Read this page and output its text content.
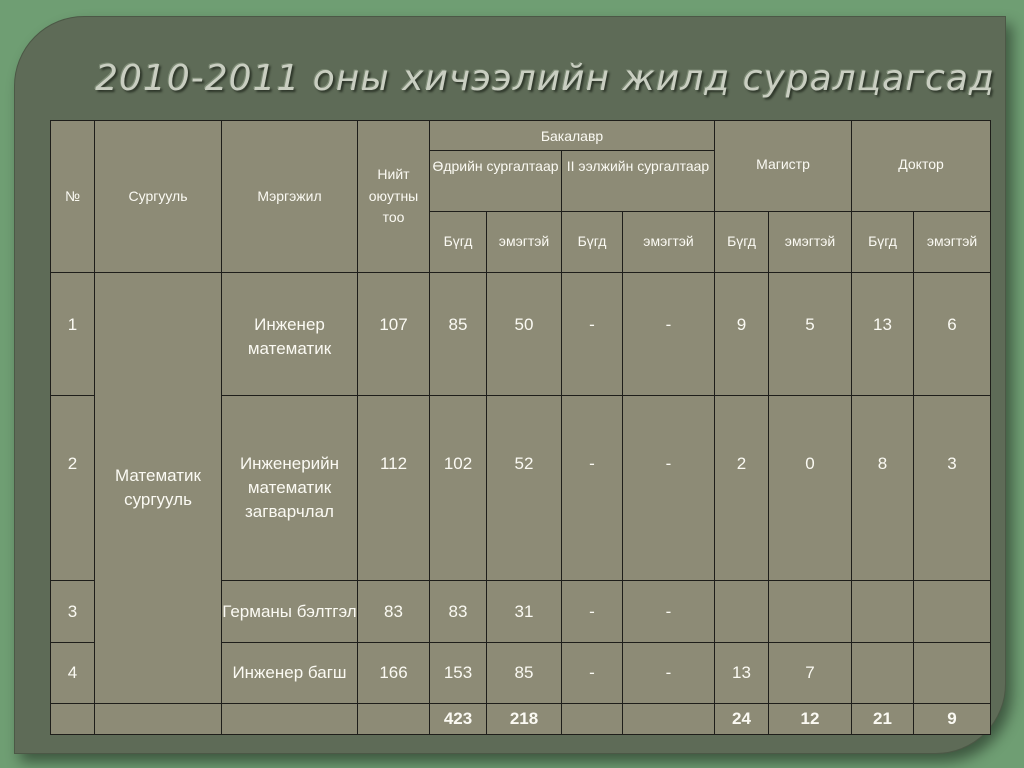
2010-2011 оны хичээлийн жилд суралцагсад
№	Сургууль	Мэргэжил	Нийт оюутны тоо	Бакалавр				Магистр		Доктор	
				Өдрийн сургалтаар		II ээлжийн сургалтаар					
				Бүгд	эмэгтэй	Бүгд	эмэгтэй	Бүгд	эмэгтэй	Бүгд	эмэгтэй
1	Математик сургууль	Инженер математик	107	85	50	-	-	9	5	13	6
2		Инженерийн математик загварчлал	112	102	52	-	-	2	0	8	3
3		Германы бэлтгэл	83	83	31	-	-				
4		Инженер багш	166	153	85	-	-	13	7		
				423	218			24	12	21	9
